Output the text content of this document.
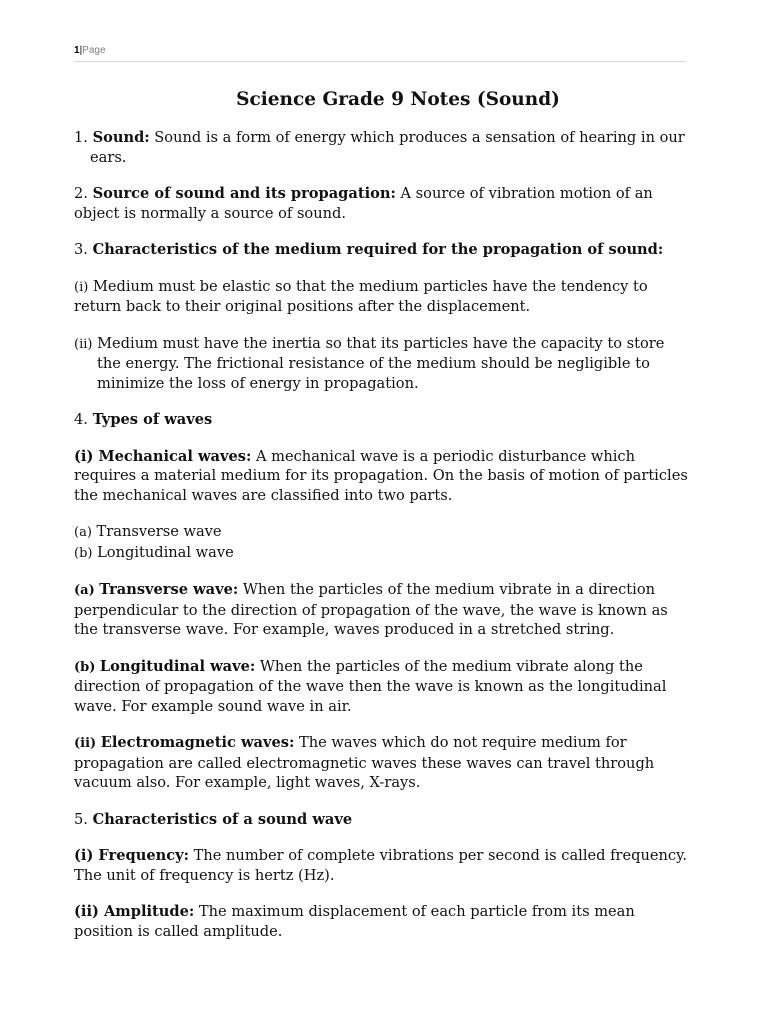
1|Page
Science Grade 9 Notes (Sound)

1. Sound: Sound is a form of energy which produces a sensation of hearing in our ears.

2. Source of sound and its propagation: A source of vibration motion of an object is normally a source of sound.

3. Characteristics of the medium required for the propagation of sound:

(i) Medium must be elastic so that the medium particles have the tendency to return back to their original positions after the displacement.

(ii) Medium must have the inertia so that its particles have the capacity to store the energy. The frictional resistance of the medium should be negligible to minimize the loss of energy in propagation.

4. Types of waves

(i) Mechanical waves: A mechanical wave is a periodic disturbance which requires a material medium for its propagation. On the basis of motion of particles the mechanical waves are classified into two parts.

(a) Transverse wave

(b) Longitudinal wave

(a) Transverse wave: When the particles of the medium vibrate in a direction perpendicular to the direction of propagation of the wave, the wave is known as the transverse wave. For example, waves produced in a stretched string.

(b) Longitudinal wave: When the particles of the medium vibrate along the direction of propagation of the wave then the wave is known as the longitudinal wave. For example sound wave in air.

(ii) Electromagnetic waves: The waves which do not require medium for propagation are called electromagnetic waves these waves can travel through vacuum also. For example, light waves, X-rays.

5. Characteristics of a sound wave

(i) Frequency: The number of complete vibrations per second is called frequency. The unit of frequency is hertz (Hz).

(ii) Amplitude: The maximum displacement of each particle from its mean position is called amplitude.
